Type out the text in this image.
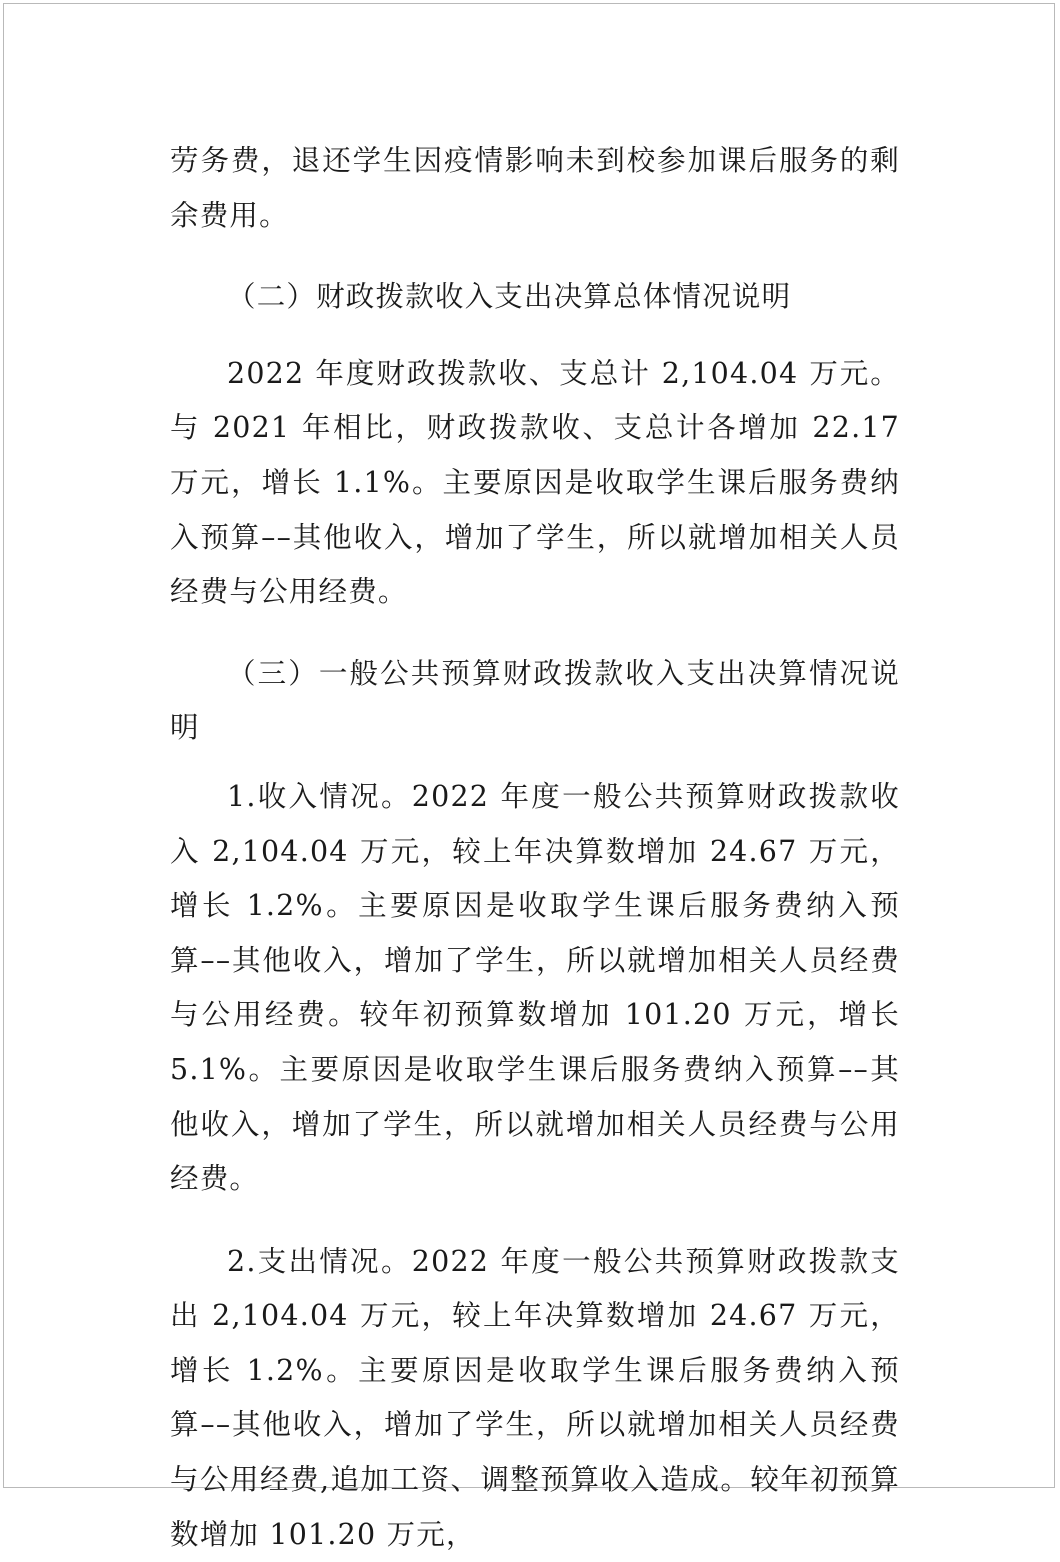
劳务费，退还学生因疫情影响未到校参加课后服务的剩余费用。

（二）财政拨款收入支出决算总体情况说明

2022 年度财政拨款收、支总计 2,104.04 万元。与 2021 年相比，财政拨款收、支总计各增加 22.17 万元，增长 1.1%。主要原因是收取学生课后服务费纳入预算––其他收入，增加了学生，所以就增加相关人员经费与公用经费。

（三）一般公共预算财政拨款收入支出决算情况说明

1.收入情况。2022 年度一般公共预算财政拨款收入 2,104.04 万元，较上年决算数增加 24.67 万元，增长 1.2%。主要原因是收取学生课后服务费纳入预算––其他收入，增加了学生，所以就增加相关人员经费与公用经费。较年初预算数增加 101.20 万元，增长 5.1%。主要原因是收取学生课后服务费纳入预算––其他收入，增加了学生，所以就增加相关人员经费与公用经费。

2.支出情况。2022 年度一般公共预算财政拨款支出 2,104.04 万元，较上年决算数增加 24.67 万元，增长 1.2%。主要原因是收取学生课后服务费纳入预算––其他收入，增加了学生，所以就增加相关人员经费与公用经费,追加工资、调整预算收入造成。较年初预算数增加 101.20 万元，
